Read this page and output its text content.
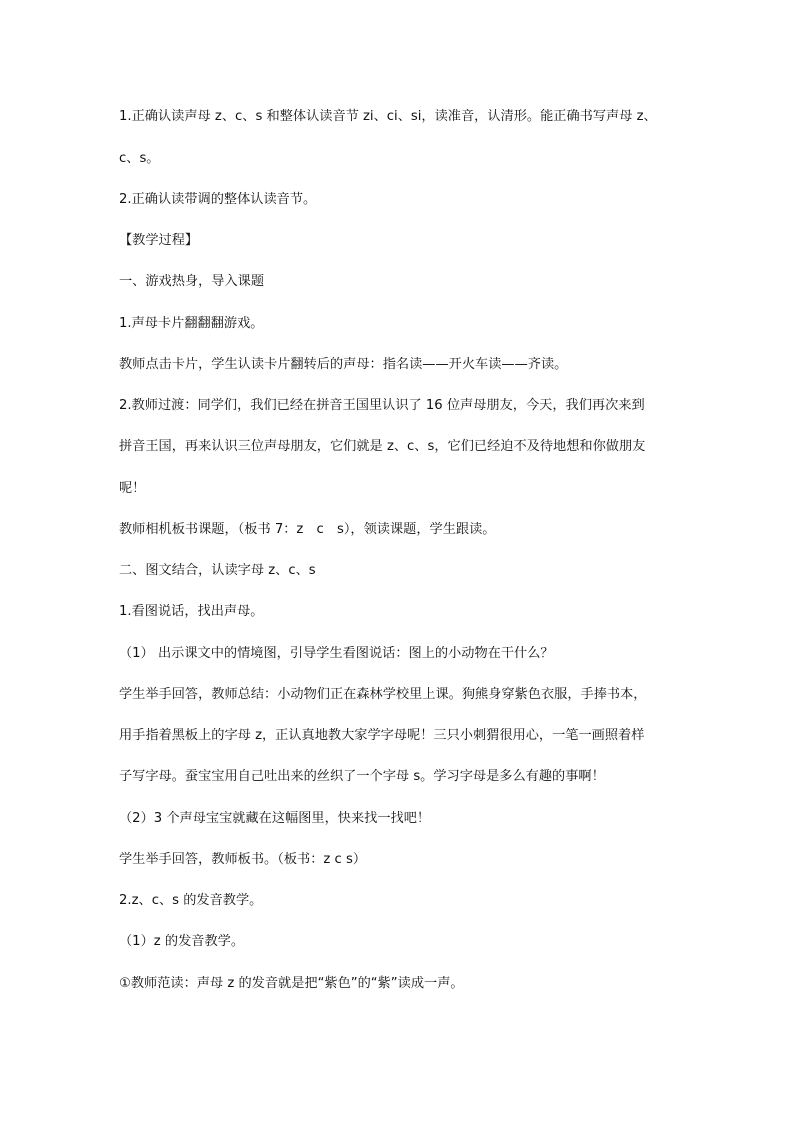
1.正确认读声母 z、c、s 和整体认读音节 zi、ci、si，读准音，认清形。能正确书写声母 z、
c、s。
2.正确认读带调的整体认读音节。
【教学过程】
一、游戏热身，导入课题
1.声母卡片翻翻翻游戏。
教师点击卡片，学生认读卡片翻转后的声母：指名读——开火车读——齐读。
2.教师过渡：同学们，我们已经在拼音王国里认识了 16 位声母朋友，今天，我们再次来到
拼音王国，再来认识三位声母朋友，它们就是 z、c、s，它们已经迫不及待地想和你做朋友
呢！
教师相机板书课题，（板书 7：z　c　s），领读课题，学生跟读。
二、图文结合，认读字母 z、c、s
1.看图说话，找出声母。
（1） 出示课文中的情境图，引导学生看图说话：图上的小动物在干什么？
学生举手回答，教师总结：小动物们正在森林学校里上课。狗熊身穿紫色衣服，手捧书本，
用手指着黑板上的字母 z，正认真地教大家学字母呢！三只小刺猬很用心，一笔一画照着样
子写字母。蚕宝宝用自己吐出来的丝织了一个字母 s。学习字母是多么有趣的事啊！
（2）3 个声母宝宝就藏在这幅图里，快来找一找吧！
学生举手回答，教师板书。（板书：z c s）
2.z、c、s 的发音教学。
（1）z 的发音教学。
①教师范读：声母 z 的发音就是把“紫色”的“紫”读成一声。
